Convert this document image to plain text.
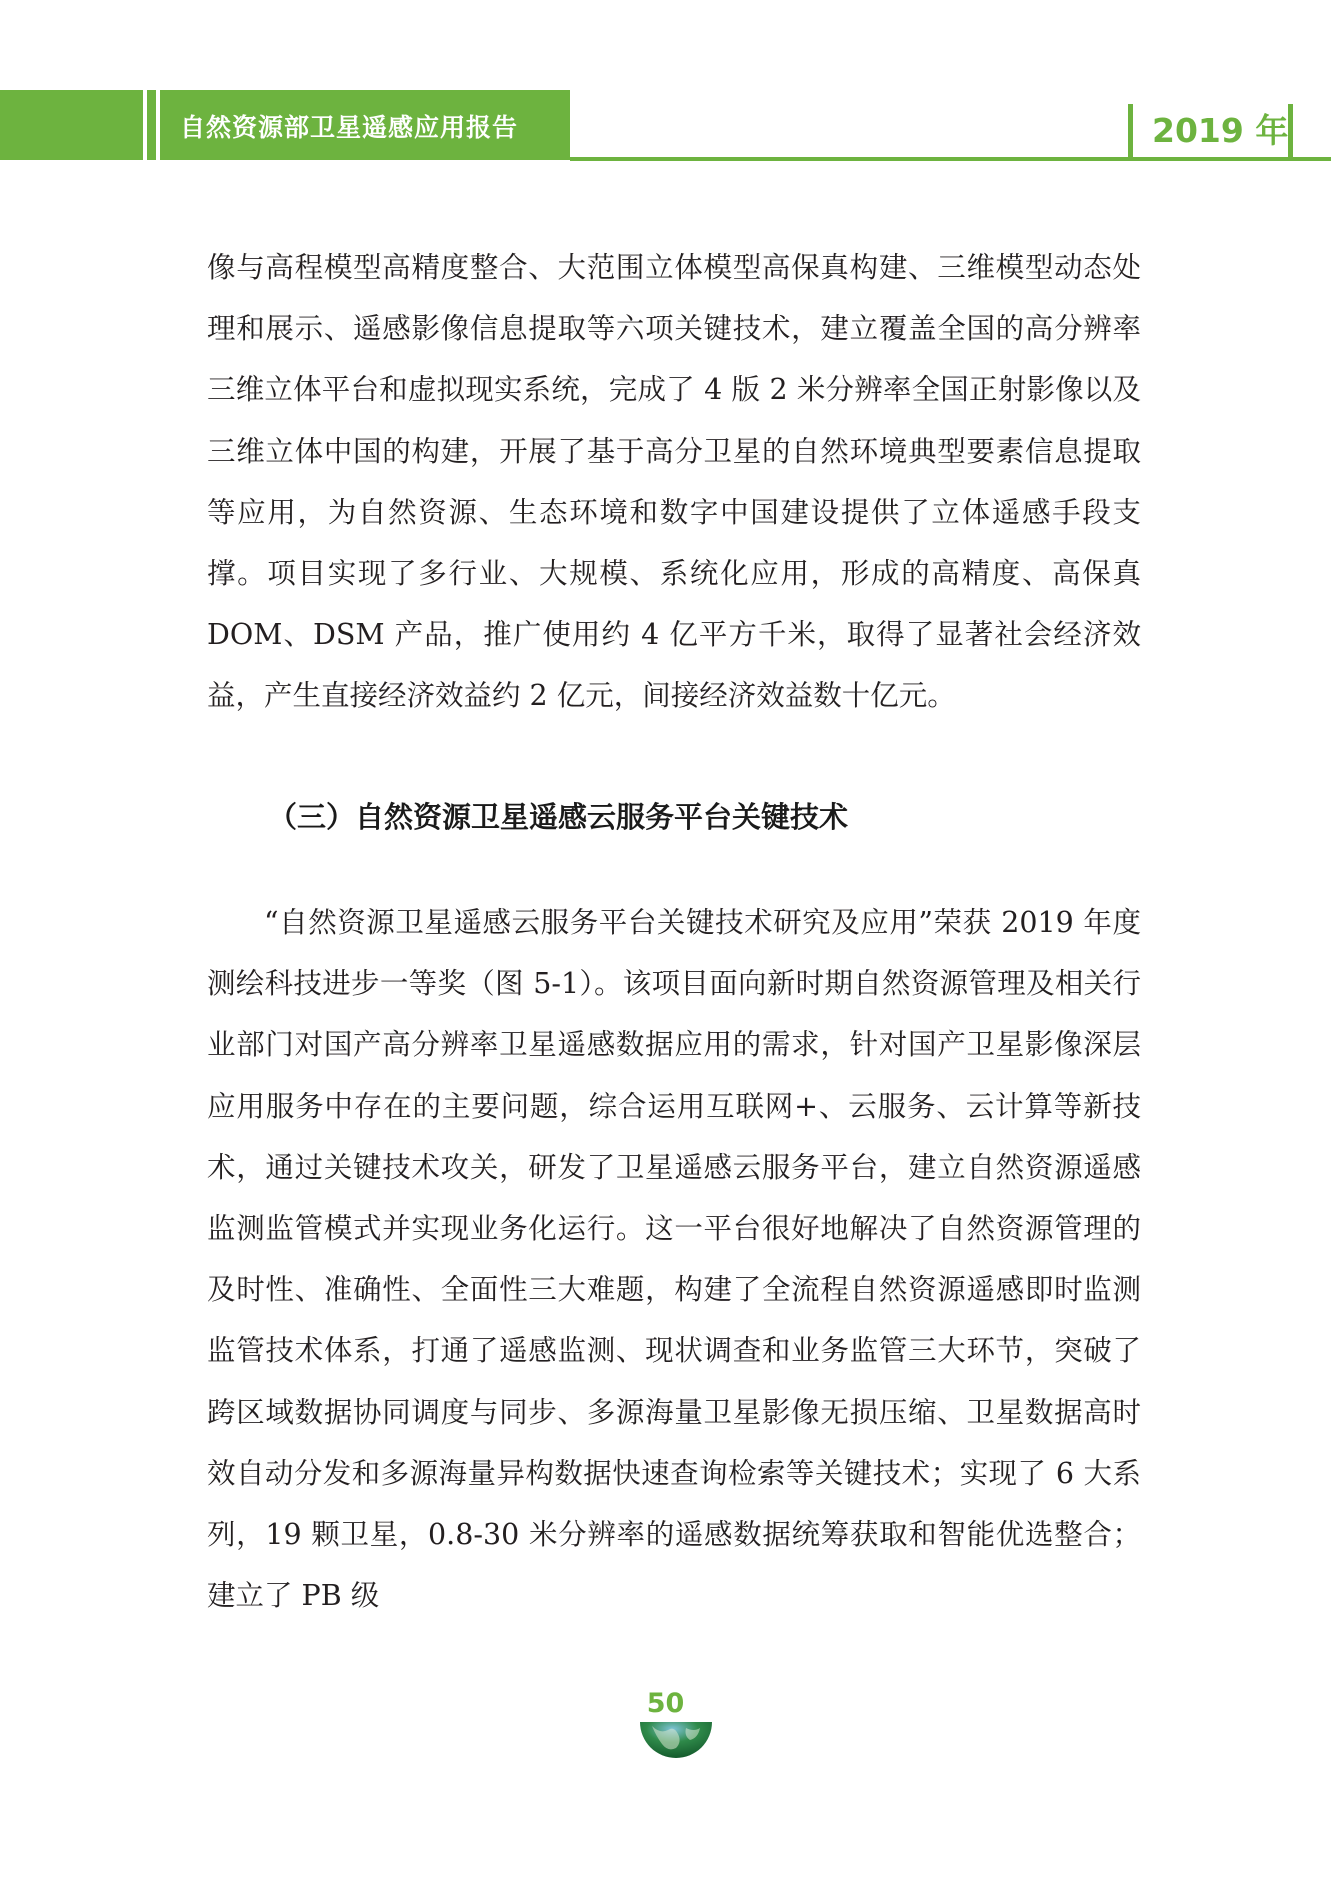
自然资源部卫星遥感应用报告	2019 年

像与高程模型高精度整合、大范围立体模型高保真构建、三维模型动态处理和展示、遥感影像信息提取等六项关键技术，建立覆盖全国的高分辨率三维立体平台和虚拟现实系统，完成了 4 版 2 米分辨率全国正射影像以及三维立体中国的构建，开展了基于高分卫星的自然环境典型要素信息提取等应用，为自然资源、生态环境和数字中国建设提供了立体遥感手段支撑。项目实现了多行业、大规模、系统化应用，形成的高精度、高保真 DOM、DSM 产品，推广使用约 4 亿平方千米，取得了显著社会经济效益，产生直接经济效益约 2 亿元，间接经济效益数十亿元。

（三）自然资源卫星遥感云服务平台关键技术

“自然资源卫星遥感云服务平台关键技术研究及应用”荣获 2019 年度测绘科技进步一等奖（图 5-1）。该项目面向新时期自然资源管理及相关行业部门对国产高分辨率卫星遥感数据应用的需求，针对国产卫星影像深层应用服务中存在的主要问题，综合运用互联网+、云服务、云计算等新技术，通过关键技术攻关，研发了卫星遥感云服务平台，建立自然资源遥感监测监管模式并实现业务化运行。这一平台很好地解决了自然资源管理的及时性、准确性、全面性三大难题，构建了全流程自然资源遥感即时监测监管技术体系，打通了遥感监测、现状调查和业务监管三大环节，突破了跨区域数据协同调度与同步、多源海量卫星影像无损压缩、卫星数据高时效自动分发和多源海量异构数据快速查询检索等关键技术；实现了 6 大系列，19 颗卫星，0.8-30 米分辨率的遥感数据统筹获取和智能优选整合；建立了 PB 级

50
